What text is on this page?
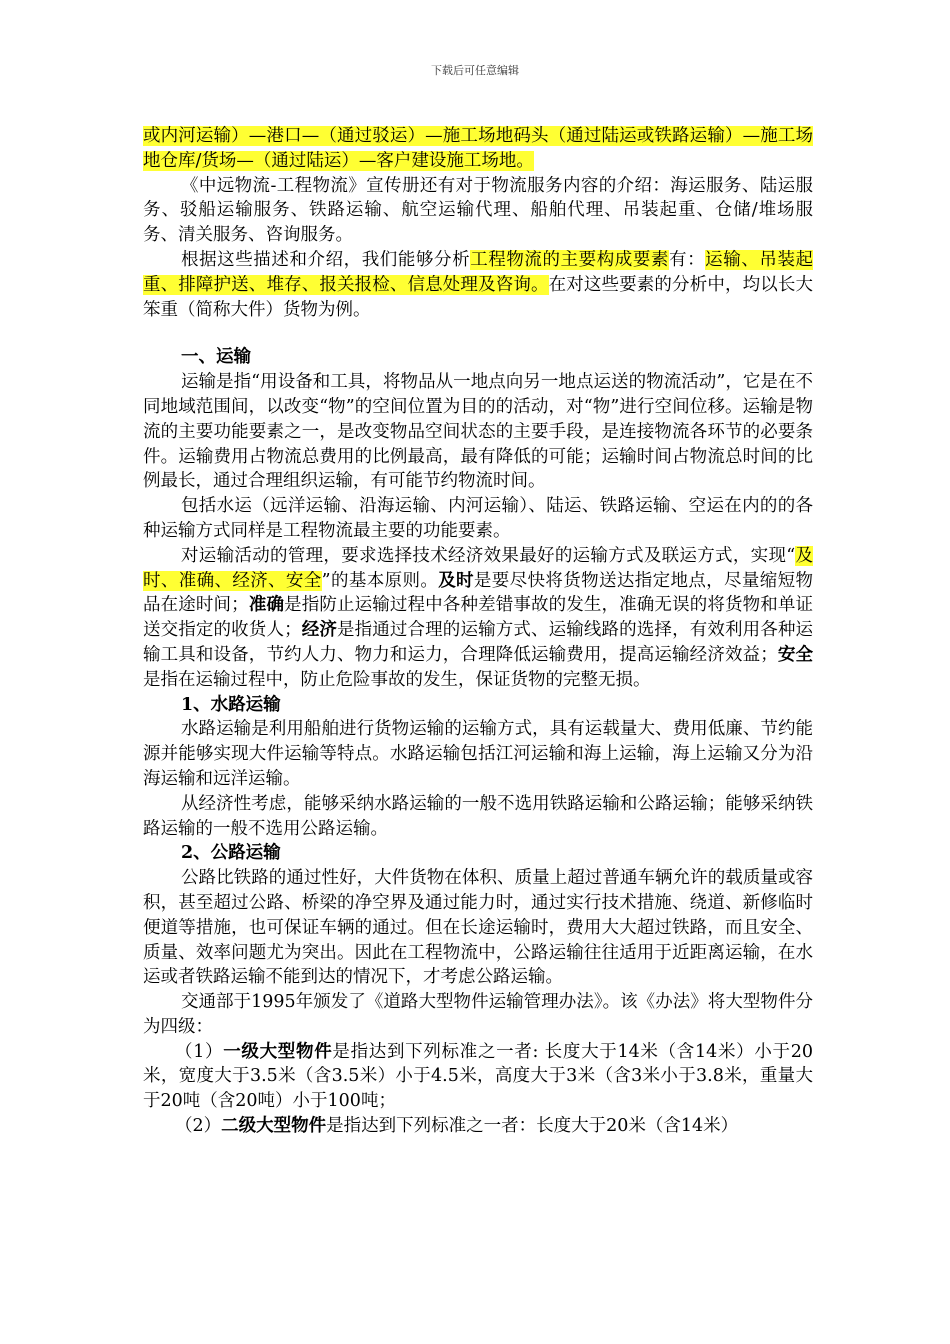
下载后可任意编辑

或内河运输）—港口—（通过驳运）—施工场地码头（通过陆运或铁路运输）—施工场地仓库/货场—（通过陆运）—客户建设施工场地。

《中远物流-工程物流》宣传册还有对于物流服务内容的介绍：海运服务、陆运服务、驳船运输服务、铁路运输、航空运输代理、船舶代理、吊装起重、仓储/堆场服务、清关服务、咨询服务。

根据这些描述和介绍，我们能够分析工程物流的主要构成要素有：运输、吊装起重、排障护送、堆存、报关报检、信息处理及咨询。在对这些要素的分析中，均以长大笨重（简称大件）货物为例。

一、运输

运输是指“用设备和工具，将物品从一地点向另一地点运送的物流活动”，它是在不同地域范围间，以改变“物”的空间位置为目的的活动，对“物”进行空间位移。运输是物流的主要功能要素之一，是改变物品空间状态的主要手段，是连接物流各环节的必要条件。运输费用占物流总费用的比例最高，最有降低的可能；运输时间占物流总时间的比例最长，通过合理组织运输，有可能节约物流时间。

包括水运（远洋运输、沿海运输、内河运输）、陆运、铁路运输、空运在内的的各种运输方式同样是工程物流最主要的功能要素。

对运输活动的管理，要求选择技术经济效果最好的运输方式及联运方式，实现“及时、准确、经济、安全”的基本原则。及时是要尽快将货物送达指定地点，尽量缩短物品在途时间；准确是指防止运输过程中各种差错事故的发生，准确无误的将货物和单证送交指定的收货人；经济是指通过合理的运输方式、运输线路的选择，有效利用各种运输工具和设备，节约人力、物力和运力，合理降低运输费用，提高运输经济效益；安全是指在运输过程中，防止危险事故的发生，保证货物的完整无损。

1、水路运输

水路运输是利用船舶进行货物运输的运输方式，具有运载量大、费用低廉、节约能源并能够实现大件运输等特点。水路运输包括江河运输和海上运输，海上运输又分为沿海运输和远洋运输。

从经济性考虑，能够采纳水路运输的一般不选用铁路运输和公路运输；能够采纳铁路运输的一般不选用公路运输。

2、公路运输

公路比铁路的通过性好，大件货物在体积、质量上超过普通车辆允许的载质量或容积，甚至超过公路、桥梁的净空界及通过能力时，通过实行技术措施、绕道、新修临时便道等措施，也可保证车辆的通过。但在长途运输时，费用大大超过铁路，而且安全、质量、效率问题尤为突出。因此在工程物流中，公路运输往往适用于近距离运输，在水运或者铁路运输不能到达的情况下，才考虑公路运输。

交通部于1995年颁发了《道路大型物件运输管理办法》。该《办法》将大型物件分为四级：

（1）一级大型物件是指达到下列标准之一者: 长度大于14米（含14米）小于20米，宽度大于3.5米（含3.5米）小于4.5米，高度大于3米（含3米小于3.8米，重量大于20吨（含20吨）小于100吨；

（2）二级大型物件是指达到下列标准之一者：长度大于20米（含14米）
